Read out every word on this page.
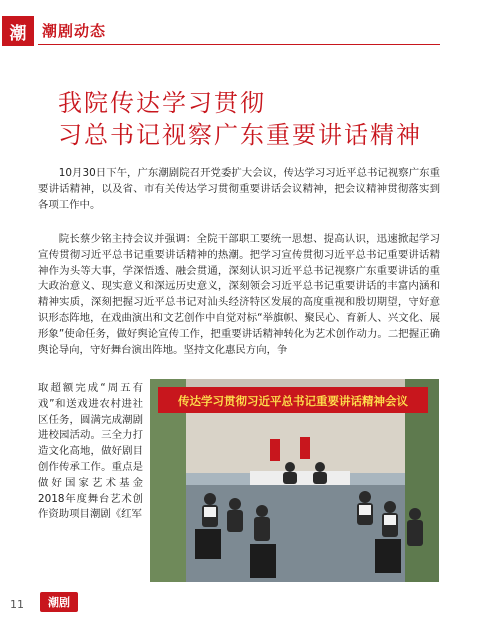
潮	潮剧动态
我院传达学习贯彻
习总书记视察广东重要讲话精神

10月30日下午，广东潮剧院召开党委扩大会议，传达学习习近平总书记视察广东重要讲话精神，以及省、市有关传达学习贯彻重要讲话会议精神，把会议精神贯彻落实到各项工作中。

院长蔡少铭主持会议并强调：全院干部职工要统一思想、提高认识，迅速掀起学习宣传贯彻习近平总书记重要讲话精神的热潮。把学习宣传贯彻习近平总书记重要讲话精神作为头等大事，学深悟透、融会贯通，深刻认识习近平总书记视察广东重要讲话的重大政治意义、现实意义和深远历史意义，深刻领会习近平总书记重要讲话的丰富内涵和精神实质，深刻把握习近平总书记对汕头经济特区发展的高度重视和殷切期望，守好意识形态阵地，在戏曲演出和文艺创作中自觉对标“举旗帜、聚民心、育新人、兴文化、展形象”使命任务，做好舆论宣传工作，把重要讲话精神转化为艺术创作动力。二把握正确舆论导向，守好舞台演出阵地。坚持文化惠民方向，争

取超额完成“周五有戏”和送戏进农村进社区任务，圆满完成潮剧进校园活动。三全力打造文化高地，做好剧目创作传承工作。重点是做好国家艺术基金2018年度舞台艺术创作资助项目潮剧《红军

传达学习贯彻习近平总书记重要讲话精神会议
11	潮剧
